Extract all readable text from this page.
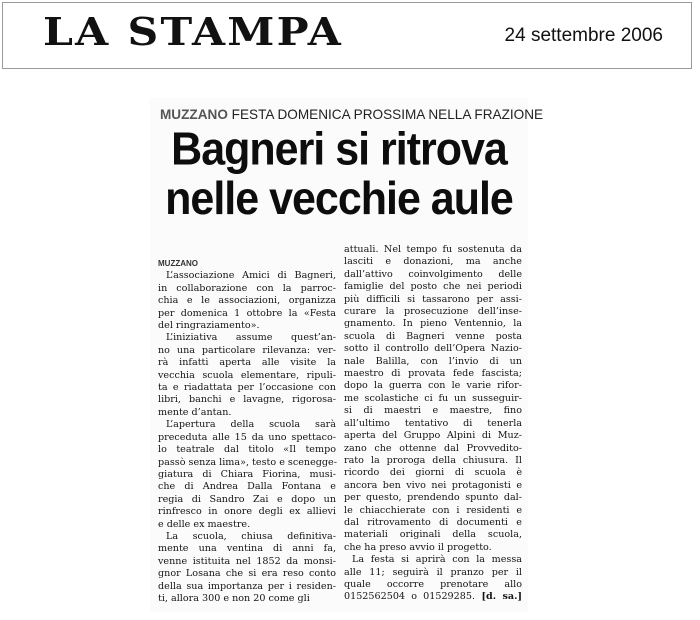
LA STAMPA	24 settembre 2006
MUZZANO FESTA DOMENICA PROSSIMA NELLA FRAZIONE
Bagneri si ritrova
nelle vecchie aule

MUZZANO

L’associazione Amici di Bagneri,
in collaborazione con la parroc-
chia e le associazioni, organizza
per domenica 1 ottobre la «Festa
del ringraziamento».
L’iniziativa assume quest’an-
no una particolare rilevanza: ver-
rà infatti aperta alle visite la
vecchia scuola elementare, ripuli-
ta e riadattata per l’occasione con
libri, banchi e lavagne, rigorosa-
mente d’antan.
L’apertura della scuola sarà
preceduta alle 15 da uno spettaco-
lo teatrale dal titolo «Il tempo
passò senza lima», testo e scenegge-
giatura di Chiara Fiorina, musi-
che di Andrea Dalla Fontana e
regia di Sandro Zai e dopo un
rinfresco in onore degli ex allievi
e delle ex maestre.
La scuola, chiusa definitiva-
mente una ventina di anni fa,
venne istituita nel 1852 da monsi-
gnor Losana che si era reso conto
della sua importanza per i residen-
ti, allora 300 e non 20 come gli
attuali. Nel tempo fu sostenuta da
lasciti e donazioni, ma anche
dall’attivo coinvolgimento delle
famiglie del posto che nei periodi
più difficili si tassarono per assi-
curare la prosecuzione dell’inse-
gnamento. In pieno Ventennio, la
scuola di Bagneri venne posta
sotto il controllo dell’Opera Nazio-
nale Balilla, con l’invio di un
maestro di provata fede fascista;
dopo la guerra con le varie rifor-
me scolastiche ci fu un susseguir-
si di maestri e maestre, fino
all’ultimo tentativo di tenerla
aperta del Gruppo Alpini di Muz-
zano che ottenne dal Provvedito-
rato la proroga della chiusura. Il
ricordo dei giorni di scuola è
ancora ben vivo nei protagonisti e
per questo, prendendo spunto dal-
le chiacchierate con i residenti e
dal ritrovamento di documenti e
materiali originali della scuola,
che ha preso avvio il progetto.
La festa si aprirà con la messa
alle 11; seguirà il pranzo per il
quale occorre prenotare allo
0152562504 o 01529285. [d. sa.]
